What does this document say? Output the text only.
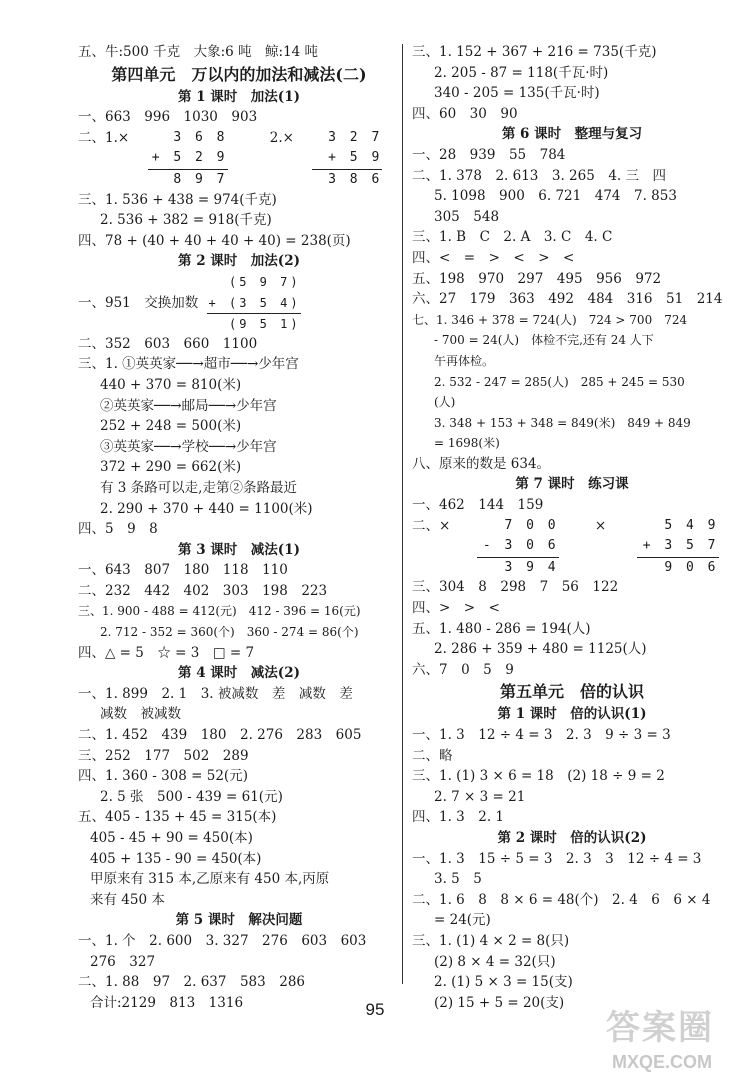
五、牛:500 千克　大象:6 吨　鲸:14 吨
第四单元　万以内的加法和减法(二)
第 1 课时　加法(1)
一、663　996　1030　903
二、1.×	3 6 8
+ 5 2 9
8 9 7
2.×	3 2 7
+ 5 9
3 8 6
三、1. 536 + 438 = 974(千克)
2. 536 + 382 = 918(千克)
四、78 + (40 + 40 + 40 + 40) = 238(页)
第 2 课时　加法(2)
一、951　交换加数
(5 9 7)
+ (3 5 4)
(9 5 1)
二、352　603　660　1100
三、1. ①英英家──→超市──→少年宫
440 + 370 = 810(米)
②英英家──→邮局──→少年宫
252 + 248 = 500(米)
③英英家──→学校──→少年宫
372 + 290 = 662(米)
有 3 条路可以走,走第②条路最近
2. 290 + 370 + 440 = 1100(米)
四、5　9　8
第 3 课时　减法(1)
一、643　807　180　118　110
二、232　442　402　303　198　223
三、1. 900 - 488 = 412(元)　412 - 396 = 16(元)
2. 712 - 352 = 360(个)　360 - 274 = 86(个)
四、△ = 5　☆ = 3　□ = 7
第 4 课时　减法(2)
一、1. 899　2. 1　3. 被减数　差　减数　差
减数　被减数
二、1. 452　439　180　2. 276　283　605
三、252　177　502　289
四、1. 360 - 308 = 52(元)
2. 5 张　500 - 439 = 61(元)
五、405 - 135 + 45 = 315(本)
405 - 45 + 90 = 450(本)
405 + 135 - 90 = 450(本)
甲原来有 315 本,乙原来有 450 本,丙原
来有 450 本
第 5 课时　解决问题
一、1. 个　2. 600　3. 327　276　603　603
276　327
二、1. 88　97　2. 637　583　286
合计:2129　813　1316
三、1. 152 + 367 + 216 = 735(千克)
2. 205 - 87 = 118(千瓦·时)
340 - 205 = 135(千瓦·时)
四、60　30　90
第 6 课时　整理与复习
一、28　939　55　784
二、1. 378　2. 613　3. 265　4. 三　四
5. 1098　900　6. 721　474　7. 853
305　548
三、1. B　C　2. A　3. C　4. C
四、<　=　>　<　>　<
五、198　970　297　495　956　972
六、27　179　363　492　484　316　51　214
七、1. 346 + 378 = 724(人)　724 > 700　724
- 700 = 24(人)　体检不完,还有 24 人下
午再体检。
2. 532 - 247 = 285(人)　285 + 245 = 530
(人)
3. 348 + 153 + 348 = 849(米)　849 + 849
= 1698(米)
八、原来的数是 634。
第 7 课时　练习课
一、462　144　159
二、×	7 0 0
- 3 0 6
3 9 4
×	5 4 9
+ 3 5 7
9 0 6
三、304　8　298　7　56　122
四、>　>　<
五、1. 480 - 286 = 194(人)
2. 286 + 359 + 480 = 1125(人)
六、7　0　5　9
第五单元　倍的认识
第 1 课时　倍的认识(1)
一、1. 3　12 ÷ 4 = 3　2. 3　9 ÷ 3 = 3
二、略
三、1. (1) 3 × 6 = 18　(2) 18 ÷ 9 = 2
2. 7 × 3 = 21
四、1. 3　2. 1
第 2 课时　倍的认识(2)
一、1. 3　15 ÷ 5 = 3　2. 3　3　12 ÷ 4 = 3
3. 5　5
二、1. 6　8　8 × 6 = 48(个)　2. 4　6　6 × 4
= 24(元)
三、1. (1) 4 × 2 = 8(只)
(2) 8 × 4 = 32(只)
2. (1) 5 × 3 = 15(支)
(2) 15 + 5 = 20(支)
95	答案圈
MXQE.COM
